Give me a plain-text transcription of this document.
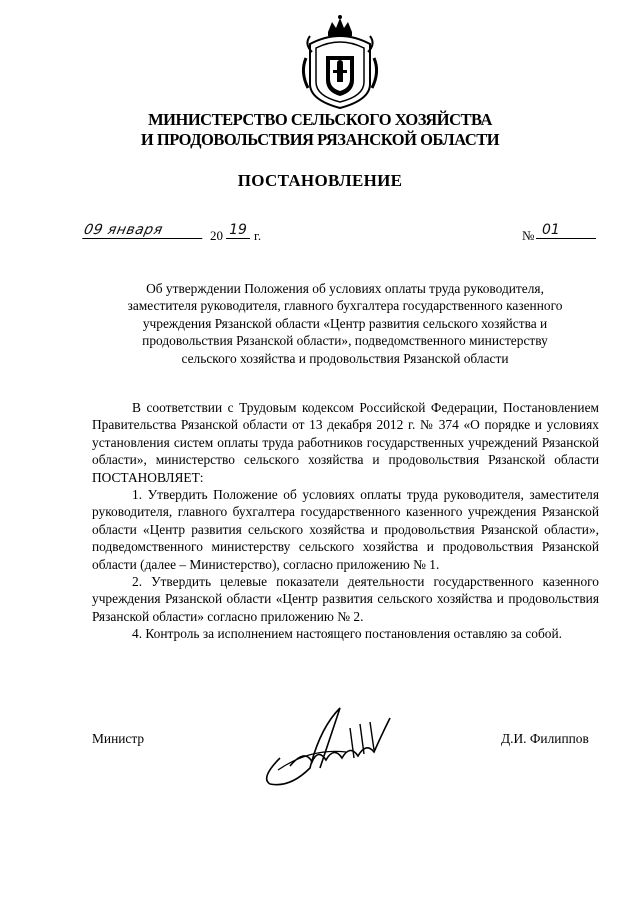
МИНИСТЕРСТВО СЕЛЬСКОГО ХОЗЯЙСТВА
И ПРОДОВОЛЬСТВИЯ РЯЗАНСКОЙ ОБЛАСТИ
ПОСТАНОВЛЕНИЕ
09 января	20 19 г.	№ 01
Об утверждении Положения об условиях оплаты труда руководителя,
заместителя руководителя, главного бухгалтера государственного казенного
учреждения Рязанской области «Центр развития сельского хозяйства и
продовольствия Рязанской области», подведомственного министерству
сельского хозяйства и продовольствия Рязанской области

В соответствии с Трудовым кодексом Российской Федерации, Постановлением Правительства Рязанской области от 13 декабря 2012 г. № 374 «О порядке и условиях установления систем оплаты труда работников государственных учреждений Рязанской области», министерство сельского хозяйства и продовольствия Рязанской области ПОСТАНОВЛЯЕТ:

1. Утвердить Положение об условиях оплаты труда руководителя, заместителя руководителя, главного бухгалтера государственного казенного учреждения Рязанской области «Центр развития сельского хозяйства и продовольствия Рязанской области», подведомственного министерству сельского хозяйства и продовольствия Рязанской области (далее – Министерство), согласно приложению № 1.

2. Утвердить целевые показатели деятельности государственного казенного учреждения Рязанской области «Центр развития сельского хозяйства и продовольствия Рязанской области» согласно приложению № 2.

4. Контроль за исполнением настоящего постановления оставляю за собой.

Министр	Д.И. Филиппов
